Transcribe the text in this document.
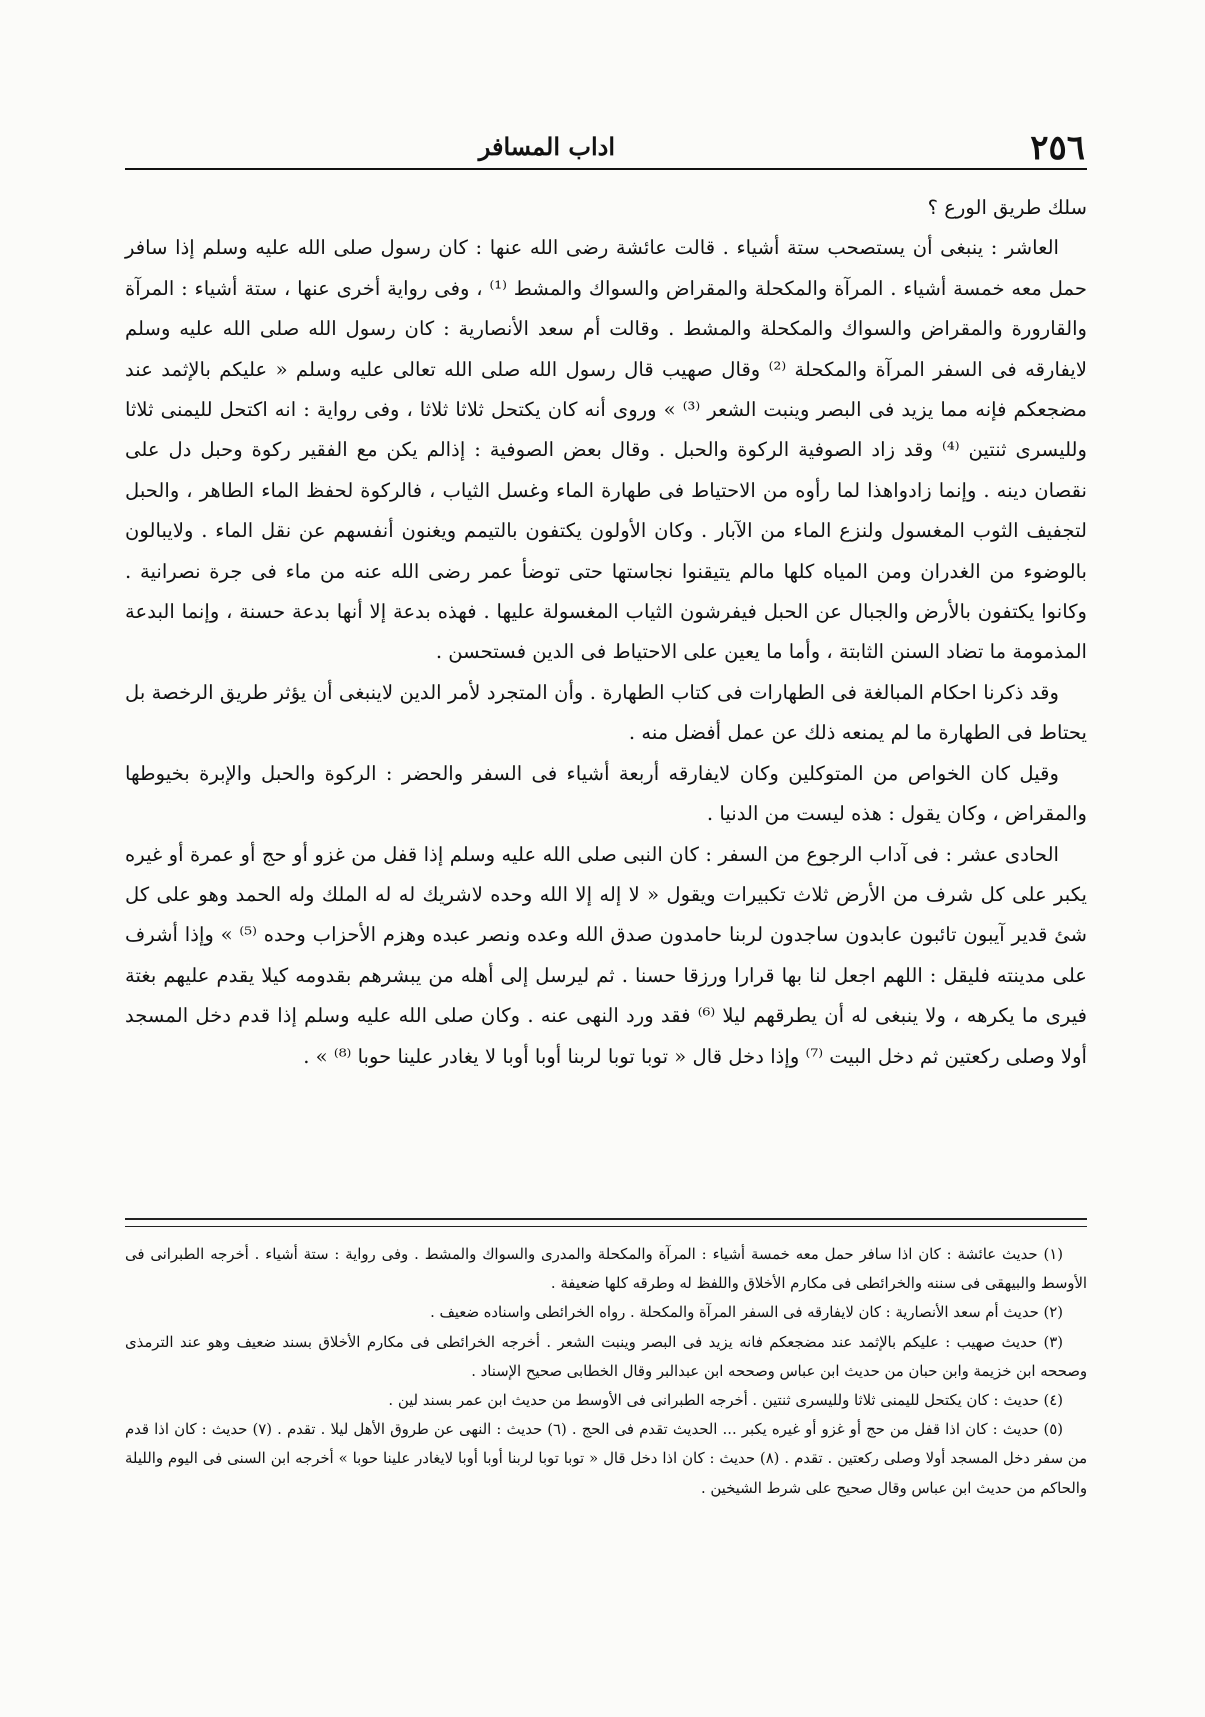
٢٥٦
اداب المسافر

سلك طريق الورع ؟

العاشر : ينبغى أن يستصحب ستة أشياء . قالت عائشة رضى الله عنها : كان رسول صلى الله عليه وسلم إذا سافر حمل معه خمسة أشياء . المرآة والمكحلة والمقراض والسواك والمشط ⁽¹⁾ ، وفى رواية أخرى عنها ، ستة أشياء : المرآة والقارورة والمقراض والسواك والمكحلة والمشط . وقالت أم سعد الأنصارية : كان رسول الله صلى الله عليه وسلم لايفارقه فى السفر المرآة والمكحلة ⁽²⁾ وقال صهيب قال رسول الله صلى الله تعالى عليه وسلم « عليكم بالإثمد عند مضجعكم فإنه مما يزيد فى البصر وينبت الشعر ⁽³⁾ » وروى أنه كان يكتحل ثلاثا ثلاثا ، وفى رواية : انه اكتحل لليمنى ثلاثا ولليسرى ثنتين ⁽⁴⁾ وقد زاد الصوفية الركوة والحبل . وقال بعض الصوفية : إذالم يكن مع الفقير ركوة وحبل دل على نقصان دينه . وإنما زادواهذا لما رأوه من الاحتياط فى طهارة الماء وغسل الثياب ، فالركوة لحفظ الماء الطاهر ، والحبل لتجفيف الثوب المغسول ولنزع الماء من الآبار . وكان الأولون يكتفون بالتيمم ويغنون أنفسهم عن نقل الماء . ولايبالون بالوضوء من الغدران ومن المياه كلها مالم يتيقنوا نجاستها حتى توضأ عمر رضى الله عنه من ماء فى جرة نصرانية . وكانوا يكتفون بالأرض والجبال عن الحبل فيفرشون الثياب المغسولة عليها . فهذه بدعة إلا أنها بدعة حسنة ، وإنما البدعة المذمومة ما تضاد السنن الثابتة ، وأما ما يعين على الاحتياط فى الدين فستحسن .

وقد ذكرنا احكام المبالغة فى الطهارات فى كتاب الطهارة . وأن المتجرد لأمر الدين لاينبغى أن يؤثر طريق الرخصة بل يحتاط فى الطهارة ما لم يمنعه ذلك عن عمل أفضل منه .

وقيل كان الخواص من المتوكلين وكان لايفارقه أربعة أشياء فى السفر والحضر : الركوة والحبل والإبرة بخيوطها والمقراض ، وكان يقول : هذه ليست من الدنيا .

الحادى عشر : فى آداب الرجوع من السفر : كان النبى صلى الله عليه وسلم إذا قفل من غزو أو حج أو عمرة أو غيره يكبر على كل شرف من الأرض ثلاث تكبيرات ويقول « لا إله إلا الله وحده لاشريك له له الملك وله الحمد وهو على كل شئ قدير آيبون تائبون عابدون ساجدون لربنا حامدون صدق الله وعده ونصر عبده وهزم الأحزاب وحده ⁽⁵⁾ » وإذا أشرف على مدينته فليقل : اللهم اجعل لنا بها قرارا ورزقا حسنا . ثم ليرسل إلى أهله من يبشرهم بقدومه كيلا يقدم عليهم بغتة فيرى ما يكرهه ، ولا ينبغى له أن يطرقهم ليلا ⁽⁶⁾ فقد ورد النهى عنه . وكان صلى الله عليه وسلم إذا قدم دخل المسجد أولا وصلى ركعتين ثم دخل البيت ⁽⁷⁾ وإذا دخل قال « توبا توبا لربنا أوبا أوبا لا يغادر علينا حوبا ⁽⁸⁾ » .

(١) حديث عائشة : كان اذا سافر حمل معه خمسة أشياء : المرآة والمكحلة والمدرى والسواك والمشط . وفى رواية : ستة أشياء . أخرجه الطبرانى فى الأوسط والبيهقى فى سننه والخرائطى فى مكارم الأخلاق واللفظ له وطرقه كلها ضعيفة .

(٢) حديث أم سعد الأنصارية : كان لايفارقه فى السفر المرآة والمكحلة . رواه الخرائطى واسناده ضعيف .

(٣) حديث صهيب : عليكم بالإثمد عند مضجعكم فانه يزيد فى البصر وينبت الشعر . أخرجه الخرائطى فى مكارم الأخلاق بسند ضعيف وهو عند الترمذى وصححه ابن خزيمة وابن حبان من حديث ابن عباس وصححه ابن عبدالبر وقال الخطابى صحيح الإسناد .

(٤) حديث : كان يكتحل لليمنى ثلاثا ولليسرى ثنتين . أخرجه الطبرانى فى الأوسط من حديث ابن عمر بسند لين .

(٥) حديث : كان اذا قفل من حج أو غزو أو غيره يكبر ... الحديث تقدم فى الحج . (٦) حديث : النهى عن طروق الأهل ليلا . تقدم . (٧) حديث : كان اذا قدم من سفر دخل المسجد أولا وصلى ركعتين . تقدم . (٨) حديث : كان اذا دخل قال « توبا توبا لربنا أوبا أوبا لايغادر علينا حوبا » أخرجه ابن السنى فى اليوم والليلة والحاكم من حديث ابن عباس وقال صحيح على شرط الشيخين .
